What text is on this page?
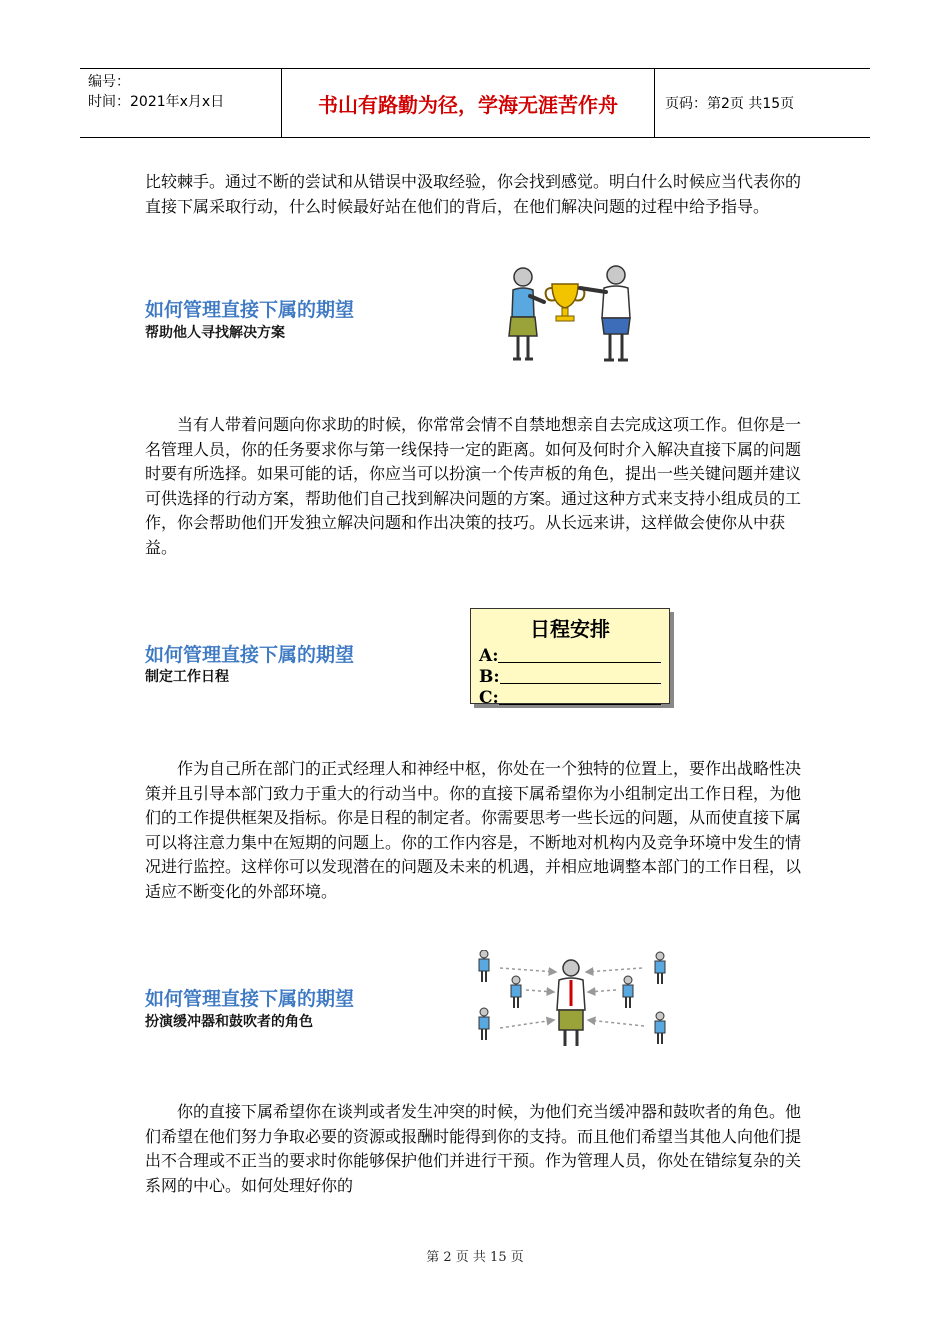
编号：
时间：2021年x月x日	书山有路勤为径，学海无涯苦作舟	页码：第2页 共15页

比较棘手。通过不断的尝试和从错误中汲取经验，你会找到感觉。明白什么时候应当代表你的直接下属采取行动，什么时候最好站在他们的背后，在他们解决问题的过程中给予指导。

如何管理直接下属的期望
帮助他人寻找解决方案

当有人带着问题向你求助的时候，你常常会情不自禁地想亲自去完成这项工作。但你是一名管理人员，你的任务要求你与第一线保持一定的距离。如何及何时介入解决直接下属的问题时要有所选择。如果可能的话，你应当可以扮演一个传声板的角色，提出一些关键问题并建议可供选择的行动方案，帮助他们自己找到解决问题的方案。通过这种方式来支持小组成员的工作，你会帮助他们开发独立解决问题和作出决策的技巧。从长远来讲，这样做会使你从中获益。

如何管理直接下属的期望
制定工作日程
日程安排
A:
B:
C:

作为自己所在部门的正式经理人和神经中枢，你处在一个独特的位置上，要作出战略性决策并且引导本部门致力于重大的行动当中。你的直接下属希望你为小组制定出工作日程，为他们的工作提供框架及指标。你是日程的制定者。你需要思考一些长远的问题，从而使直接下属可以将注意力集中在短期的问题上。你的工作内容是，不断地对机构内及竞争环境中发生的情况进行监控。这样你可以发现潜在的问题及未来的机遇，并相应地调整本部门的工作日程，以适应不断变化的外部环境。

如何管理直接下属的期望
扮演缓冲器和鼓吹者的角色

你的直接下属希望你在谈判或者发生冲突的时候，为他们充当缓冲器和鼓吹者的角色。他们希望在他们努力争取必要的资源或报酬时能得到你的支持。而且他们希望当其他人向他们提出不合理或不正当的要求时你能够保护他们并进行干预。作为管理人员，你处在错综复杂的关系网的中心。如何处理好你的

第 2 页 共 15 页
